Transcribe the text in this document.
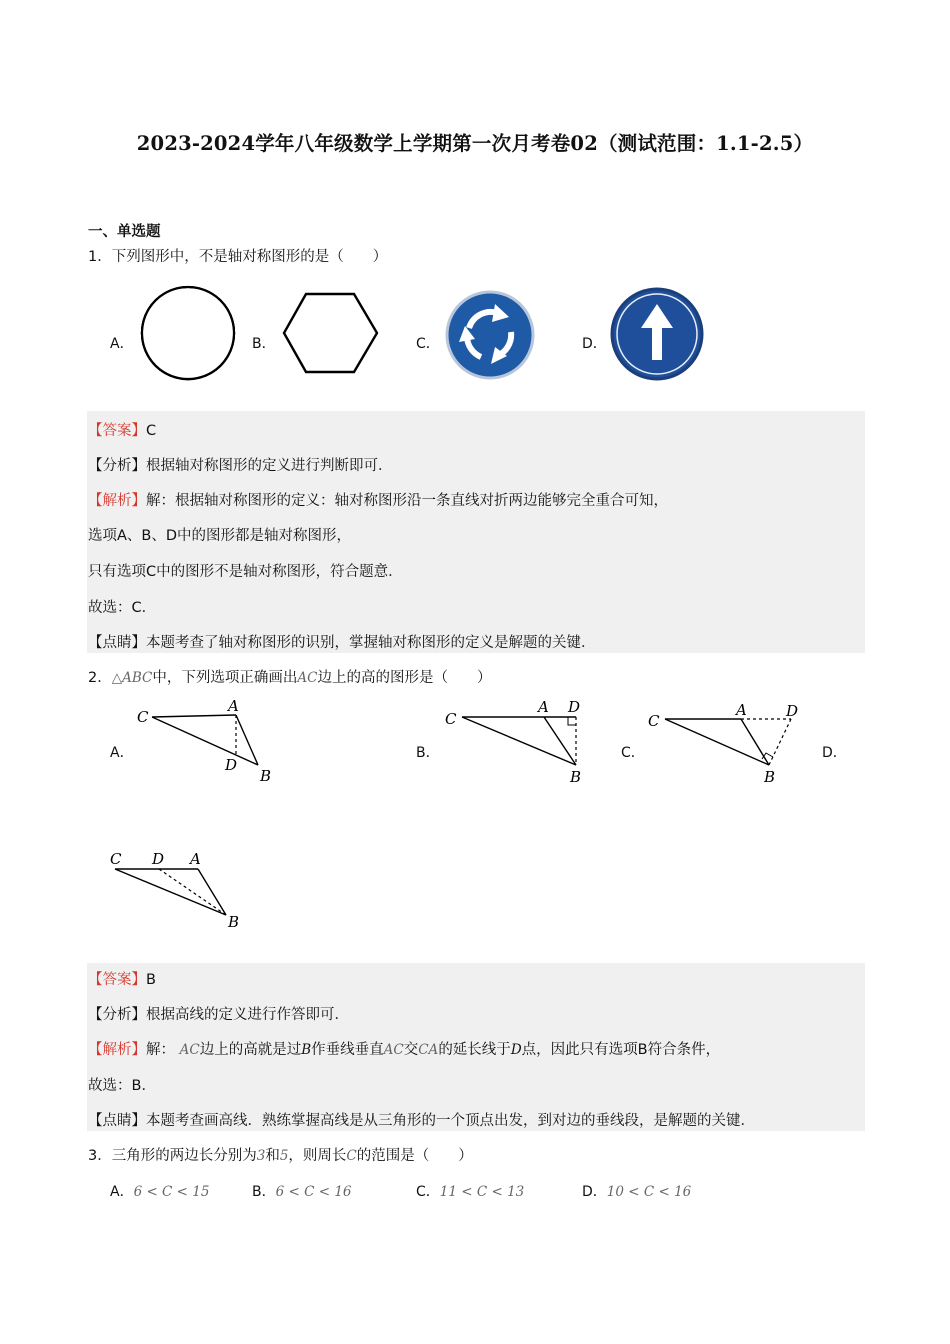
2023-2024学年八年级数学上学期第一次月考卷02（测试范围：1.1-2.5）
一、单选题
1．下列图形中，不是轴对称图形的是（　　）
A．	B．	C．	D．
【答案】C
【分析】根据轴对称图形的定义进行判断即可．
【解析】解：根据轴对称图形的定义：轴对称图形沿一条直线对折两边能够完全重合可知，
选项A、B、D中的图形都是轴对称图形，
只有选项C中的图形不是轴对称图形，符合题意．
故选：C．
【点睛】本题考查了轴对称图形的识别，掌握轴对称图形的定义是解题的关键．
2．△ABC中，下列选项正确画出AC边上的高的图形是（　　）
A．	B．	C．	D．
C
A
D
B
C
A D
B
C
A	D
B
C D A
B
【答案】B
【分析】根据高线的定义进行作答即可．
【解析】解： AC边上的高就是过B作垂线垂直AC交CA的延长线于D点，因此只有选项B符合条件，
故选：B．
【点睛】本题考查画高线．熟练掌握高线是从三角形的一个顶点出发，到对边的垂线段，是解题的关键．
3．三角形的两边长分别为3和5，则周长C的范围是（　　）
A．6 < C < 15	B．6 < C < 16	C．11 < C < 13	D．10 < C < 16
